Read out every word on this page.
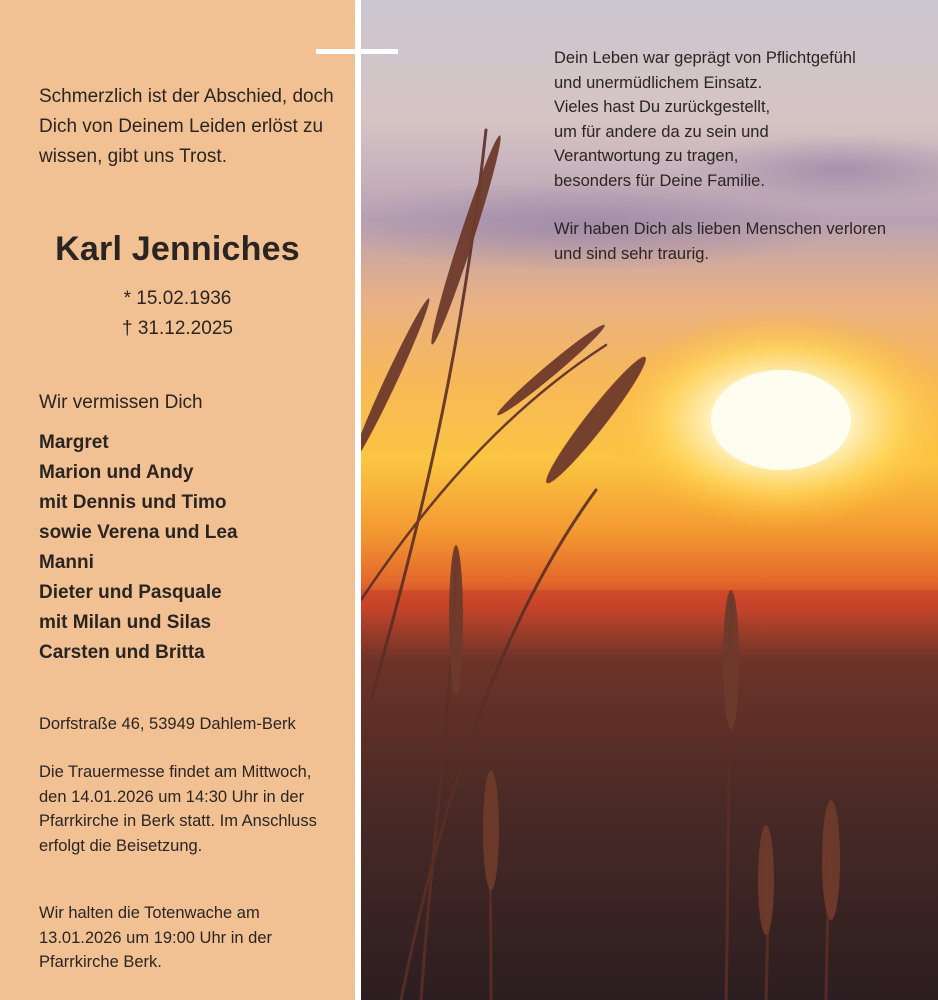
Schmerzlich ist der Abschied, doch Dich von Deinem Leiden erlöst zu wissen, gibt uns Trost.

Karl Jenniches
* 15.02.1936
† 31.12.2025
Wir vermissen Dich
Margret
Marion und Andy
mit Dennis und Timo
sowie Verena und Lea
Manni
Dieter und Pasquale
mit Milan und Silas
Carsten und Britta
Dorfstraße 46, 53949 Dahlem-Berk

Die Trauermesse findet am Mittwoch, den 14.01.2026 um 14:30 Uhr in der Pfarrkirche in Berk statt. Im Anschluss erfolgt die Beisetzung.

Wir halten die Totenwache am 13.01.2026 um 19:00 Uhr in der Pfarrkirche Berk.

Dein Leben war geprägt von Pflichtgefühl
und unermüdlichem Einsatz.
Vieles hast Du zurückgestellt,
um für andere da zu sein und
Verantwortung zu tragen,
besonders für Deine Familie.
Wir haben Dich als lieben Menschen verloren
und sind sehr traurig.
